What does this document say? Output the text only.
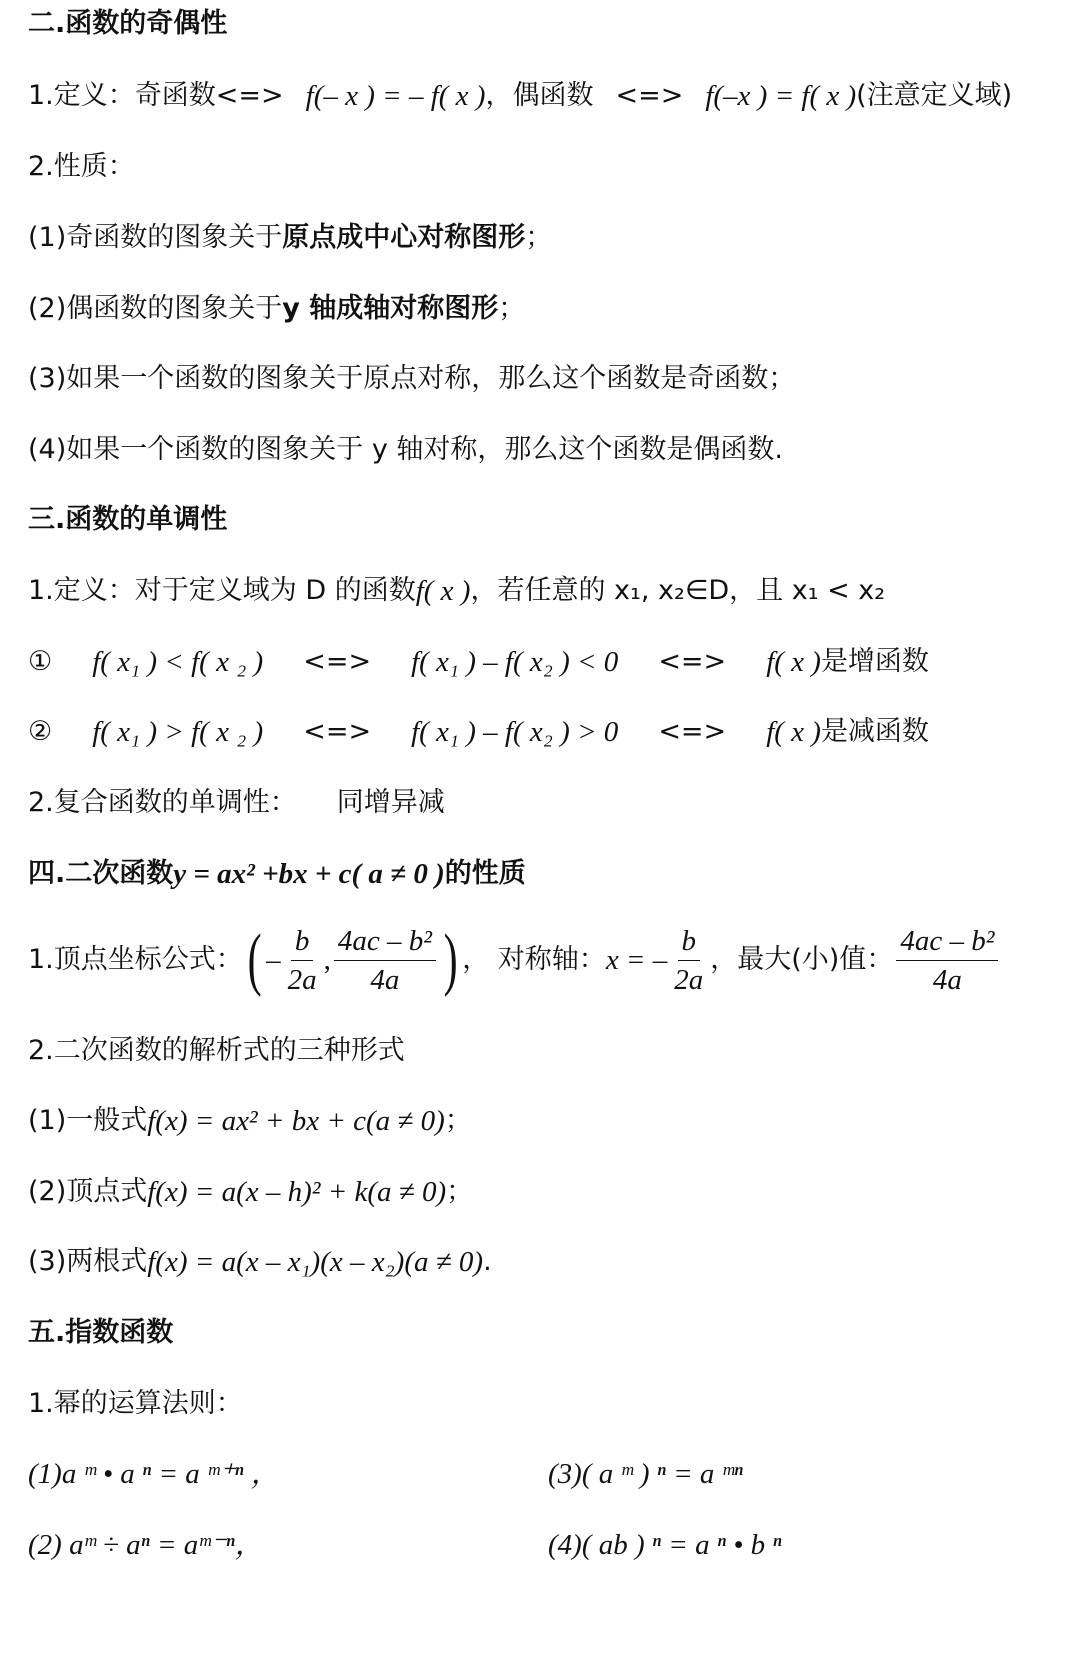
二.函数的奇偶性
1.定义：奇函数<=> f(– x ) = – f( x ) ，偶函数 <=> f(–x ) = f( x ) (注意定义域)
2.性质：
(1)奇函数的图象关于 原点成中心对称图形 ；
(2)偶函数的图象关于 y 轴成轴对称图形 ；
(3)如果一个函数的图象关于原点对称，那么这个函数是奇函数；
(4)如果一个函数的图象关于 y 轴对称，那么这个函数是偶函数.
三.函数的单调性
1.定义：对于定义域为 D 的函数 f( x ) ，若任意的 x₁, x₂∈D，且 x₁ < x₂
① f( x₁ ) < f( x ₂ ) <=> f( x₁ ) – f( x₂ ) < 0 <=> f( x ) 是增函数
② f( x₁ ) > f( x ₂ ) <=> f( x₁ ) – f( x₂ ) > 0 <=> f( x ) 是减函数
2.复合函数的单调性： 同增异减
四.二次函数 y = ax² +bx + c( a ≠ 0 ) 的性质
1.顶点坐标公式： ( – $\frac{b}{2a}$ , $\frac{\text{4ac – b²}}{4a}$ ) ， 对称轴： x = – $\frac{b}{2a}$ ，最大(小)值： $\frac{\text{4ac – b²}}{4a}$
2.二次函数的解析式的三种形式
(1)一般式 f(x) = ax² + bx + c(a ≠ 0) ；
(2)顶点式 f(x) = a(x – h)² + k(a ≠ 0) ；
(3)两根式 f(x) = a(x – x₁)(x – x₂)(a ≠ 0) .
五.指数函数
1.幂的运算法则：
(1)a ᵐ • a ⁿ = a ᵐ⁺ⁿ ，	(3)( a ᵐ ) ⁿ = a ᵐⁿ
(2) aᵐ ÷ aⁿ = aᵐ⁻ⁿ，	(4)( ab ) ⁿ = a ⁿ • b ⁿ
